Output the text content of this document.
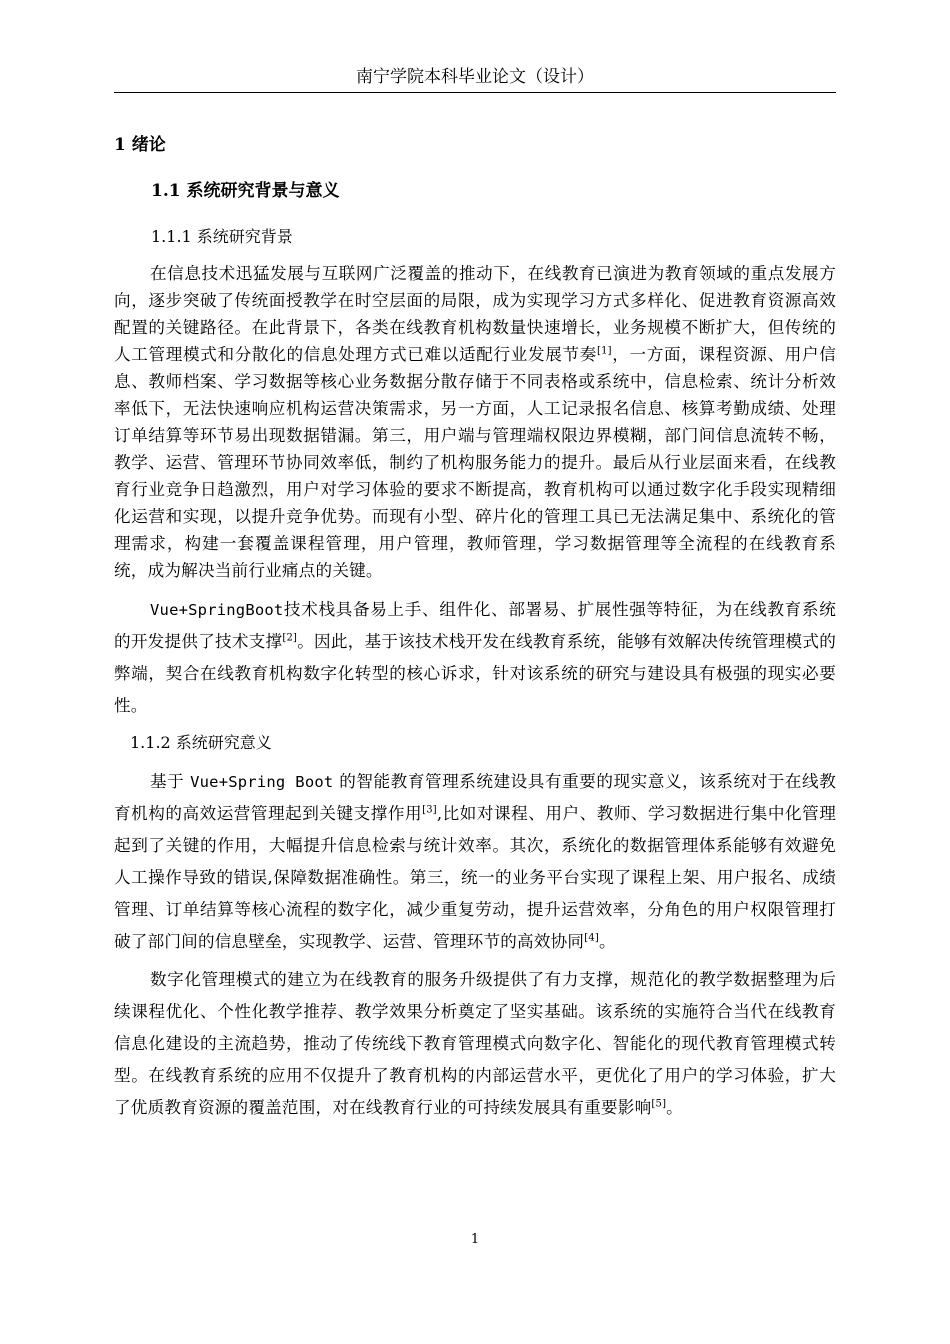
南宁学院本科毕业论文（设计）
1 绪论
1.1 系统研究背景与意义
1.1.1 系统研究背景

在信息技术迅猛发展与互联网广泛覆盖的推动下，在线教育已演进为教育领域的重点发展方向，逐步突破了传统面授教学在时空层面的局限，成为实现学习方式多样化、促进教育资源高效配置的关键路径。在此背景下，各类在线教育机构数量快速增长，业务规模不断扩大，但传统的人工管理模式和分散化的信息处理方式已难以适配行业发展节奏[1]，一方面，课程资源、用户信息、教师档案、学习数据等核心业务数据分散存储于不同表格或系统中，信息检索、统计分析效率低下，无法快速响应机构运营决策需求，另一方面，人工记录报名信息、核算考勤成绩、处理订单结算等环节易出现数据错漏。第三，用户端与管理端权限边界模糊，部门间信息流转不畅，教学、运营、管理环节协同效率低，制约了机构服务能力的提升。最后从行业层面来看，在线教育行业竞争日趋激烈，用户对学习体验的要求不断提高，教育机构可以通过数字化手段实现精细化运营和实现，以提升竞争优势。而现有小型、碎片化的管理工具已无法满足集中、系统化的管理需求，构建一套覆盖课程管理，用户管理，教师管理，学习数据管理等全流程的在线教育系统，成为解决当前行业痛点的关键。

Vue+SpringBoot技术栈具备易上手、组件化、部署易、扩展性强等特征，为在线教育系统的开发提供了技术支撑[2]。因此，基于该技术栈开发在线教育系统，能够有效解决传统管理模式的弊端，契合在线教育机构数字化转型的核心诉求，针对该系统的研究与建设具有极强的现实必要性。

1.1.2 系统研究意义

基于 Vue+Spring Boot 的智能教育管理系统建设具有重要的现实意义，该系统对于在线教育机构的高效运营管理起到关键支撑作用[3],比如对课程、用户、教师、学习数据进行集中化管理起到了关键的作用，大幅提升信息检索与统计效率。其次，系统化的数据管理体系能够有效避免人工操作导致的错误,保障数据准确性。第三，统一的业务平台实现了课程上架、用户报名、成绩管理、订单结算等核心流程的数字化，减少重复劳动，提升运营效率，分角色的用户权限管理打破了部门间的信息壁垒，实现教学、运营、管理环节的高效协同[4]。

数字化管理模式的建立为在线教育的服务升级提供了有力支撑，规范化的教学数据整理为后续课程优化、个性化教学推荐、教学效果分析奠定了坚实基础。该系统的实施符合当代在线教育信息化建设的主流趋势，推动了传统线下教育管理模式向数字化、智能化的现代教育管理模式转型。在线教育系统的应用不仅提升了教育机构的内部运营水平，更优化了用户的学习体验，扩大了优质教育资源的覆盖范围，对在线教育行业的可持续发展具有重要影响[5]。

1
